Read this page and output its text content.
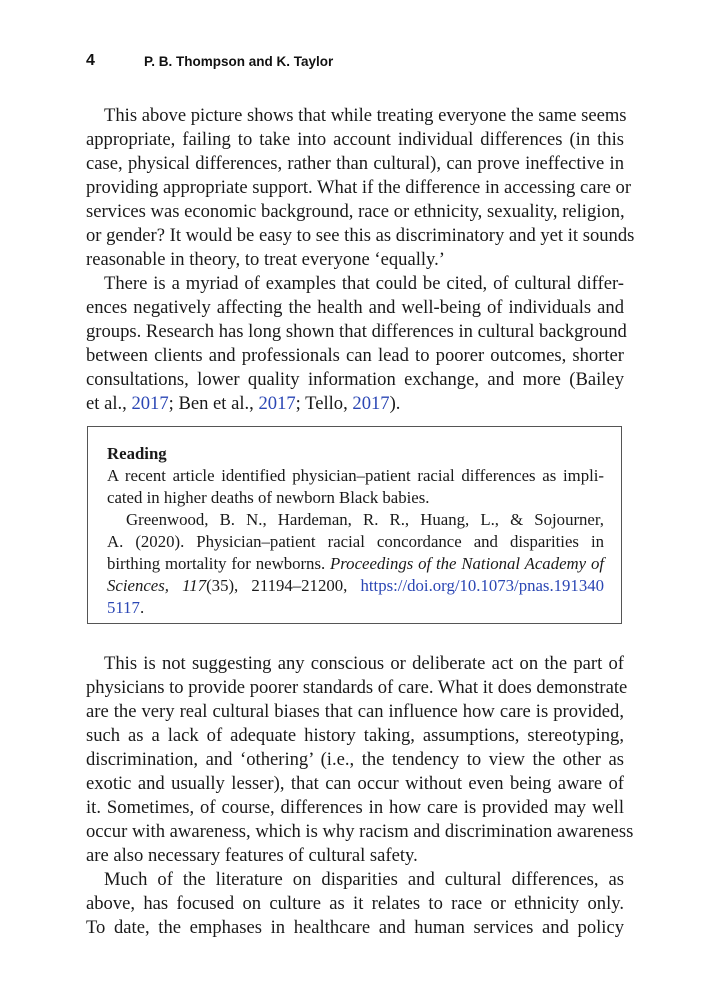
4	P. B. Thompson and K. Taylor
This above picture shows that while treating everyone the same seems
appropriate, failing to take into account individual differences (in this
case, physical differences, rather than cultural), can prove ineffective in
providing appropriate support. What if the difference in accessing care or
services was economic background, race or ethnicity, sexuality, religion,
or gender? It would be easy to see this as discriminatory and yet it sounds
reasonable in theory, to treat everyone ‘equally.’
There is a myriad of examples that could be cited, of cultural differ-
ences negatively affecting the health and well-being of individuals and
groups. Research has long shown that differences in cultural background
between clients and professionals can lead to poorer outcomes, shorter
consultations, lower quality information exchange, and more (Bailey
et al., 2017; Ben et al., 2017; Tello, 2017).
Reading
A recent article identified physician–patient racial differences as impli-
cated in higher deaths of newborn Black babies.
Greenwood, B. N., Hardeman, R. R., Huang, L., & Sojourner,
A. (2020). Physician–patient racial concordance and disparities in
birthing mortality for newborns. Proceedings of the National Academy of
Sciences, 117(35), 21194–21200, https://doi.org/10.1073/pnas.191340
5117.
This is not suggesting any conscious or deliberate act on the part of
physicians to provide poorer standards of care. What it does demonstrate
are the very real cultural biases that can influence how care is provided,
such as a lack of adequate history taking, assumptions, stereotyping,
discrimination, and ‘othering’ (i.e., the tendency to view the other as
exotic and usually lesser), that can occur without even being aware of
it. Sometimes, of course, differences in how care is provided may well
occur with awareness, which is why racism and discrimination awareness
are also necessary features of cultural safety.
Much of the literature on disparities and cultural differences, as
above, has focused on culture as it relates to race or ethnicity only.
To date, the emphases in healthcare and human services and policy
